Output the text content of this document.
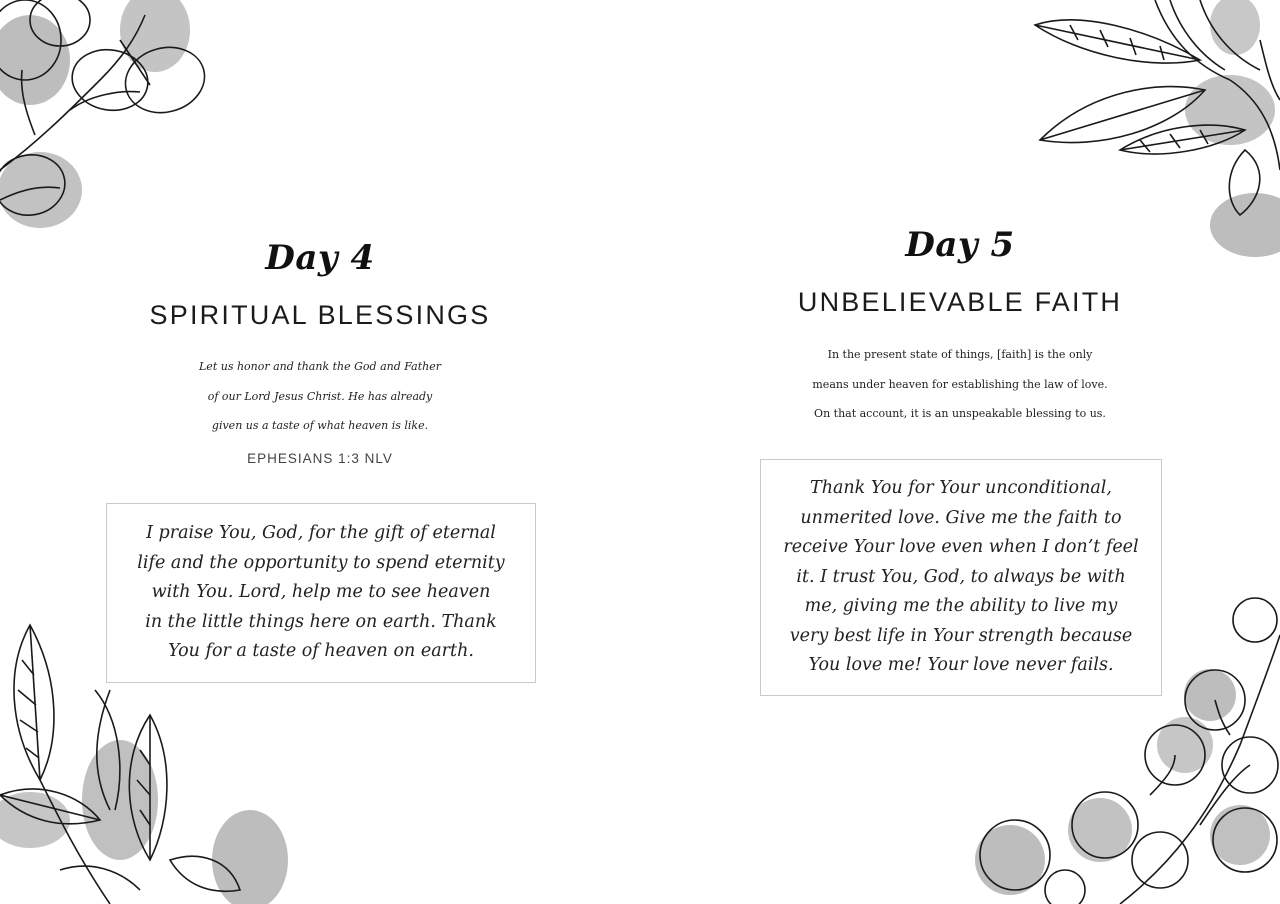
Day 4
SPIRITUAL BLESSINGS
Let us honor and thank the God and Father
of our Lord Jesus Christ. He has already
given us a taste of what heaven is like.
EPHESIANS 1:3 NLV
I praise You, God, for the gift of eternal
life and the opportunity to spend eternity
with You. Lord, help me to see heaven
in the little things here on earth. Thank
You for a taste of heaven on earth.
Day 5
UNBELIEVABLE FAITH
In the present state of things, [faith] is the only
means under heaven for establishing the law of love.
On that account, it is an unspeakable blessing to us.
Thank You for Your unconditional,
unmerited love. Give me the faith to
receive Your love even when I don’t feel
it. I trust You, God, to always be with
me, giving me the ability to live my
very best life in Your strength because
You love me! Your love never fails.
